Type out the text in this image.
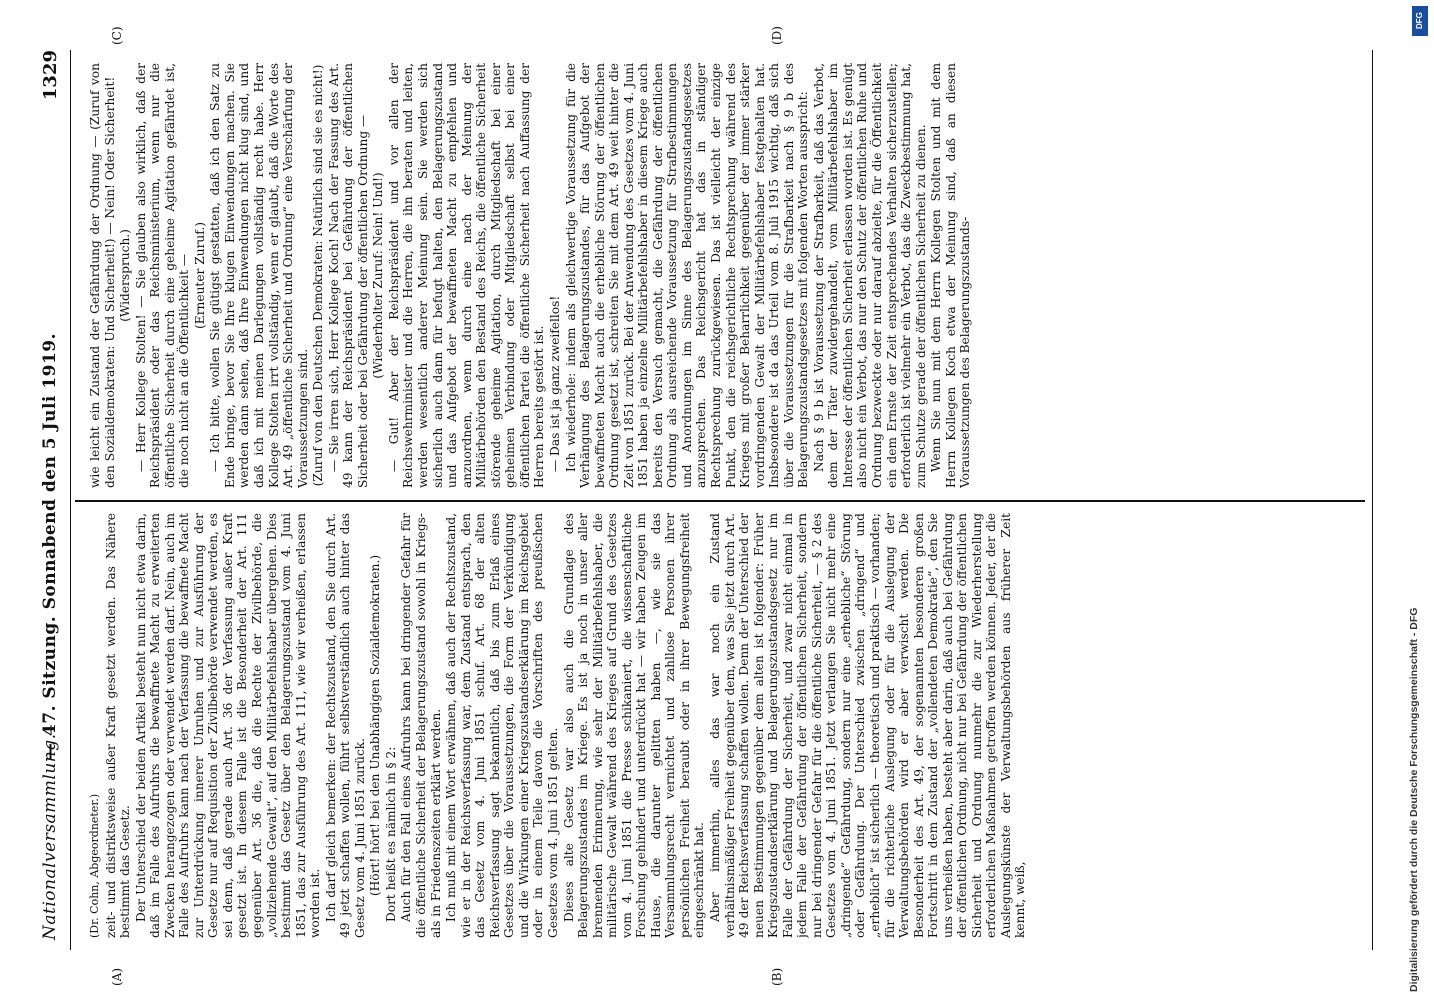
Nationalversammlung.
— 47. Sitzung. Sonnabend den 5 Juli 1919.
1329
(A)	(B)
(C)	(D)

(Dr. Cohn, Abgeordneter.) zeit- und distriktsweise außer Kraft gesetzt werden. Das Nähere bestimmt das Gesetz. Der Unterschied der beiden Artikel besteht nun nicht etwa darin, daß im Falle des Aufruhrs die bewaffnete Macht zu erweiterten Zwecken herangezogen oder verwendet werden darf. Nein, auch im Falle des Aufruhrs kann nach der Verfassung die bewaffnete Macht zur Unterdrückung innerer Unruhen und zur Ausführung der Gesetze nur auf Requisition der Zivilbehörde verwendet werden, es sei denn, daß gerade auch Art. 36 der Verfassung außer Kraft gesetzt ist. In diesem Falle ist die Besonderheit der Art. 111 gegenüber Art. 36 die, daß die Rechte der Zivilbehörde, die „vollziehende Gewalt“, auf den Militärbefehlshaber übergehen. Dies bestimmt das Gesetz über den Belagerungszustand vom 4. Juni 1851, das zur Ausführung des Art. 111, wie wir verheißen, erlassen worden ist. Ich darf gleich bemerken: der Rechtszustand, den Sie durch Art. 49 jetzt schaffen wollen, führt selbstverständlich auch hinter das Gesetz vom 4. Juni 1851 zurück. (Hört! hört! bei den Unabhängigen Sozialdemokraten.) Dort heißt es nämlich in § 2: Auch für den Fall eines Aufruhrs kann bei dringender Gefahr für die öffentliche Sicherheit der Belagerungszustand sowohl in Kriegs- als in Friedenszeiten erklärt werden. Ich muß mit einem Wort erwähnen, daß auch der Rechtszustand, wie er in der Reichsverfassung war, dem Zustand entsprach, den das Gesetz vom 4. Juni 1851 schuf. Art. 68 der alten Reichsverfassung sagt bekanntlich, daß bis zum Erlaß eines Gesetzes über die Voraussetzungen, die Form der Verkündigung und die Wirkungen einer Kriegszustandserklärung im Reichsgebiet oder in einem Teile davon die Vorschriften des preußischen Gesetzes vom 4. Juni 1851 gelten. Dieses alte Gesetz war also auch die Grundlage des Belagerungszustandes im Kriege. Es ist ja noch in unser aller brennenden Erinnerung, wie sehr der Militärbefehlshaber, die militärische Gewalt während des Krieges auf Grund des Gesetzes vom 4. Juni 1851 die Presse schikaniert, die wissenschaftliche Forschung gehindert und unterdrückt hat — wir haben Zeugen im Hause, die darunter gelitten haben —, wie sie das Versammlungsrecht vernichtet und zahllose Personen ihrer persönlichen Freiheit beraubt oder in ihrer Bewegungsfreiheit eingeschränkt hat. Aber immerhin, alles das war noch ein Zustand verhältnismäßiger Freiheit gegenüber dem, was Sie jetzt durch Art. 49 der Reichsverfassung schaffen wollen. Denn der Unterschied der neuen Bestimmungen gegenüber dem alten ist folgender: Früher Kriegszustandserklärung und Belagerungszustandsgesetz nur im Falle der Gefährdung der Sicherheit, und zwar nicht einmal in jedem Falle der Gefährdung der öffentlichen Sicherheit, sondern nur bei dringender Gefahr für die öffentliche Sicherheit, — § 2 des Gesetzes vom 4. Juni 1851. Jetzt verlangen Sie nicht mehr eine „dringende“ Gefährdung, sondern nur eine „erhebliche“ Störung oder Gefährdung. Der Unterschied zwischen „dringend“ und „erheblich“ ist sicherlich — theoretisch und praktisch — vorhanden; für die richterliche Auslegung oder für die Auslegung der Verwaltungsbehörden wird er aber verwischt werden. Die Besonderheit des Art. 49, der sogenannten besonderen großen Fortschritt in dem Zustand der „vollendeten Demokratie“, den Sie uns verheißen haben, besteht aber darin, daß auch bei Gefährdung der öffentlichen Ordnung, nicht nur bei Gefährdung der öffentlichen Sicherheit und Ordnung nunmehr die zur Wiederherstellung erforderlichen Maßnahmen getroffen werden können. Jeder, der die Auslegungskünste der Verwaltungsbehörden aus früherer Zeit kennt, weiß,

wie leicht ein Zustand der Gefährdung der Ordnung — (Zuruf von den Sozialdemokraten: Und Sicherheit!) — Nein! Oder Sicherheit! (Widerspruch.) — Herr Kollege Stolten! — Sie glauben also wirklich, daß der Reichspräsident oder das Reichsministerium, wenn nur die öffentliche Sicherheit durch eine geheime Agitation gefährdet ist, die noch nicht an die Öffentlichkeit — (Erneuter Zuruf.) — Ich bitte, wollen Sie gütigst gestatten, daß ich den Satz zu Ende bringe, bevor Sie Ihre klugen Einwendungen machen. Sie werden dann sehen, daß Ihre Einwendungen nicht klug sind, und daß ich mit meinen Darlegungen vollständig recht habe. Herr Kollege Stolten irrt vollständig, wenn er glaubt, daß die Worte des Art. 49 „öffentliche Sicherheit und Ordnung“ eine Verschärfung der Voraussetzungen sind. (Zuruf von den Deutschen Demokraten: Natürlich sind sie es nicht!) — Sie irren sich, Herr Kollege Koch! Nach der Fassung des Art. 49 kann der Reichspräsident bei Gefährdung der öffentlichen Sicherheit oder bei Gefährdung der öffentlichen Ordnung — (Wiederholter Zuruf: Nein! Und!) — Gut! Aber der Reichspräsident und vor allen der Reichswehrminister und die Herren, die ihn beraten und leiten, werden wesentlich anderer Meinung sein. Sie werden sich sicherlich auch dann für befugt halten, den Belagerungszustand und das Aufgebot der bewaffneten Macht zu empfehlen und anzuordnen, wenn durch eine nach der Meinung der Militärbehörden den Bestand des Reichs, die öffentliche Sicherheit störende geheime Agitation, durch Mitgliedschaft bei einer geheimen Verbindung oder Mitgliedschaft selbst bei einer öffentlichen Partei die öffentliche Sicherheit nach Auffassung der Herren bereits gestört ist. — Das ist ja ganz zweifellos! Ich wiederhole: indem als gleichwertige Voraussetzung für die Verhängung des Belagerungszustandes, für das Aufgebot der bewaffneten Macht auch die erhebliche Störung der öffentlichen Ordnung gesetzt ist, schreiten Sie mit dem Art. 49 weit hinter die Zeit von 1851 zurück. Bei der Anwendung des Gesetzes vom 4. Juni 1851 haben ja einzelne Militärbefehlshaber in diesem Kriege auch bereits den Versuch gemacht, die Gefährdung der öffentlichen Ordnung als ausreichende Voraussetzung für Strafbestimmungen und Anordnungen im Sinne des Belagerungszustandsgesetzes anzusprechen. Das Reichsgericht hat das in ständiger Rechtsprechung zurückgewiesen. Das ist vielleicht der einzige Punkt, den die reichsgerichtliche Rechtsprechung während des Krieges mit großer Beharrlichkeit gegenüber der immer stärker vordringenden Gewalt der Militärbefehlshaber festgehalten hat. Insbesondere ist da das Urteil vom 8. Juli 1915 wichtig, daß sich über die Voraussetzungen für die Strafbarkeit nach § 9 b des Belagerungszustandsgesetzes mit folgenden Worten ausspricht: Nach § 9 b ist Voraussetzung der Strafbarkeit, daß das Verbot, dem der Täter zuwidergehandelt, vom Militärbefehlshaber im Interesse der öffentlichen Sicherheit erlassen worden ist. Es genügt also nicht ein Verbot, das nur den Schutz der öffentlichen Ruhe und Ordnung bezweckte oder nur darauf abzielte, für die Öffentlichkeit ein dem Ernste der Zeit entsprechendes Verhalten sicherzustellen; erforderlich ist vielmehr ein Verbot, das die Zweckbestimmung hat, zum Schutze gerade der öffentlichen Sicherheit zu dienen. Wenn Sie nun mit dem Herrn Kollegen Stolten und mit dem Herrn Kollegen Koch etwa der Meinung sind, daß an diesen Voraussetzungen des Belagerungszustands-

Digitalisierung gefördert durch die Deutsche Forschungsgemeinschaft - DFG
DFG
